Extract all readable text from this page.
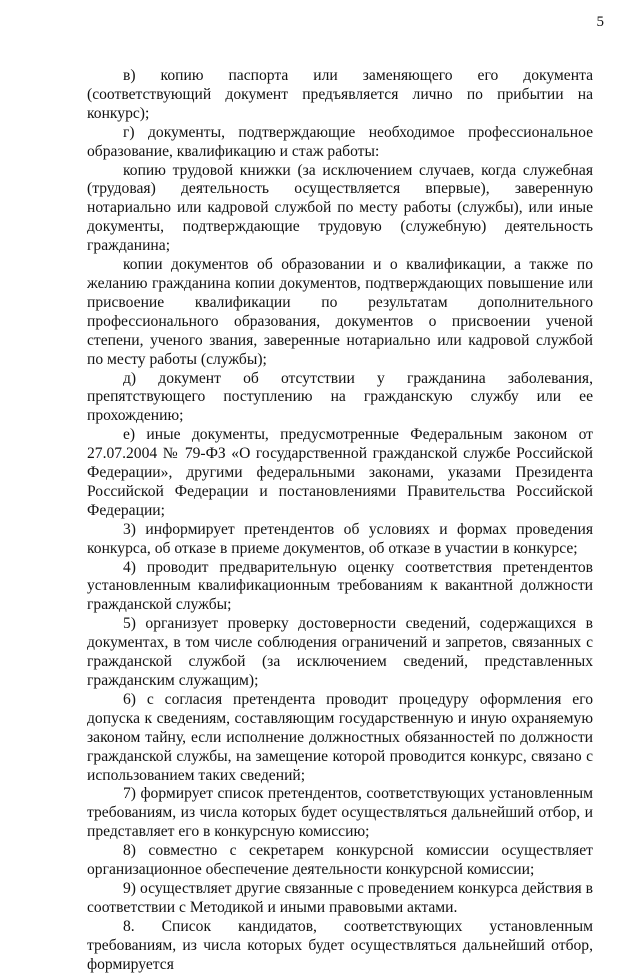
5

в) копию паспорта или заменяющего его документа (соответствующий документ предъявляется лично по прибытии на конкурс);

г) документы, подтверждающие необходимое профессиональное образование, квалификацию и стаж работы:

копию трудовой книжки (за исключением случаев, когда служебная (трудовая) деятельность осуществляется впервые), заверенную нотариально или кадровой службой по месту работы (службы), или иные документы, подтверждающие трудовую (служебную) деятельность гражданина;

копии документов об образовании и о квалификации, а также по желанию гражданина копии документов, подтверждающих повышение или присвоение квалификации по результатам дополнительного профессионального образования, документов о присвоении ученой степени, ученого звания, заверенные нотариально или кадровой службой по месту работы (службы);

д) документ об отсутствии у гражданина заболевания, препятствующего поступлению на гражданскую службу или ее прохождению;

е) иные документы, предусмотренные Федеральным законом от 27.07.2004 № 79-ФЗ «О государственной гражданской службе Российской Федерации», другими федеральными законами, указами Президента Российской Федерации и постановлениями Правительства Российской Федерации;

3) информирует претендентов об условиях и формах проведения конкурса, об отказе в приеме документов, об отказе в участии в конкурсе;

4) проводит предварительную оценку соответствия претендентов установленным квалификационным требованиям к вакантной должности гражданской службы;

5) организует проверку достоверности сведений, содержащихся в документах, в том числе соблюдения ограничений и запретов, связанных с гражданской службой (за исключением сведений, представленных гражданским служащим);

6) с согласия претендента проводит процедуру оформления его допуска к сведениям, составляющим государственную и иную охраняемую законом тайну, если исполнение должностных обязанностей по должности гражданской службы, на замещение которой проводится конкурс, связано с использованием таких сведений;

7) формирует список претендентов, соответствующих установленным требованиям, из числа которых будет осуществляться дальнейший отбор, и представляет его в конкурсную комиссию;

8) совместно с секретарем конкурсной комиссии осуществляет организационное обеспечение деятельности конкурсной комиссии;

9) осуществляет другие связанные с проведением конкурса действия в соответствии с Методикой и иными правовыми актами.

8. Список кандидатов, соответствующих установленным требованиям, из числа которых будет осуществляться дальнейший отбор, формируется
